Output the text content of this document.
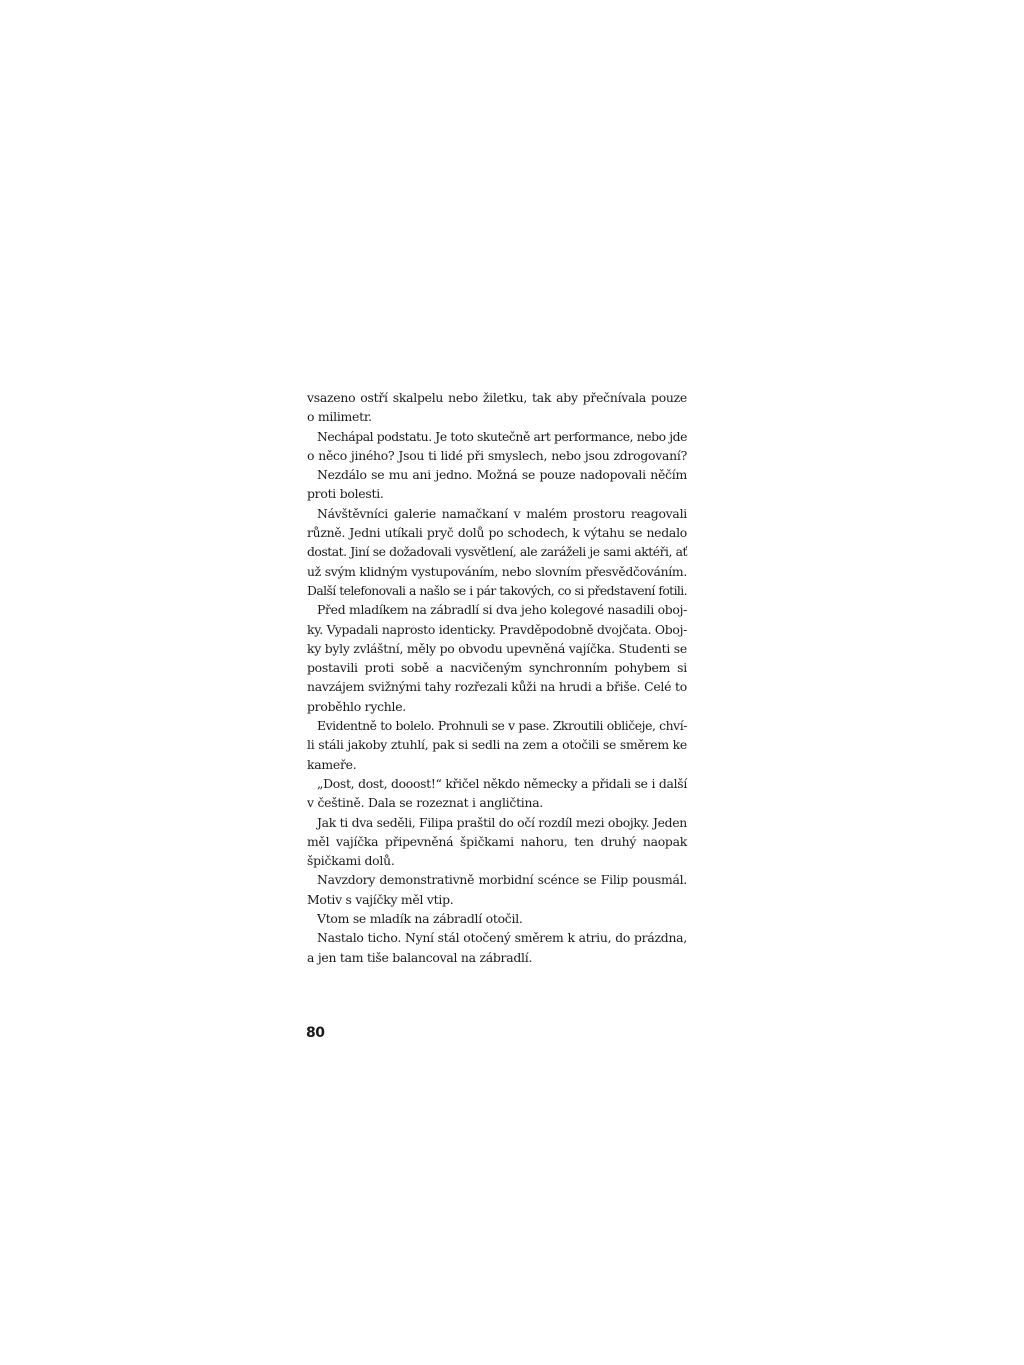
vsazeno ostří skalpelu nebo žiletku, tak aby přečnívala pouze
o milimetr.
Nechápal podstatu. Je toto skutečně art performance, nebo jde
o něco jiného? Jsou ti lidé při smyslech, nebo jsou zdrogovaní?
Nezdálo se mu ani jedno. Možná se pouze nadopovali něčím
proti bolesti.
Návštěvníci galerie namačkaní v malém prostoru reagovali
různě. Jedni utíkali pryč dolů po schodech, k výtahu se nedalo
dostat. Jiní se dožadovali vysvětlení, ale zaráželi je sami aktéři, ať
už svým klidným vystupováním, nebo slovním přesvědčováním.
Další telefonovali a našlo se i pár takových, co si představení fotili.
Před mladíkem na zábradlí si dva jeho kolegové nasadili oboj-
ky. Vypadali naprosto identicky. Pravděpodobně dvojčata. Oboj-
ky byly zvláštní, měly po obvodu upevněná vajíčka. Studenti se
postavili proti sobě a nacvičeným synchronním pohybem si
navzájem svižnými tahy rozřezali kůži na hrudi a břiše. Celé to
proběhlo rychle.
Evidentně to bolelo. Prohnuli se v pase. Zkroutili obličeje, chví-
li stáli jakoby ztuhlí, pak si sedli na zem a otočili se směrem ke
kameře.
„Dost, dost, dooost!“ křičel někdo německy a přidali se i další
v češtině. Dala se rozeznat i angličtina.
Jak ti dva seděli, Filipa praštil do očí rozdíl mezi obojky. Jeden
měl vajíčka připevněná špičkami nahoru, ten druhý naopak
špičkami dolů.
Navzdory demonstrativně morbidní scénce se Filip pousmál.
Motiv s vajíčky měl vtip.
Vtom se mladík na zábradlí otočil.
Nastalo ticho. Nyní stál otočený směrem k atriu, do prázdna,
a jen tam tiše balancoval na zábradlí.
80
